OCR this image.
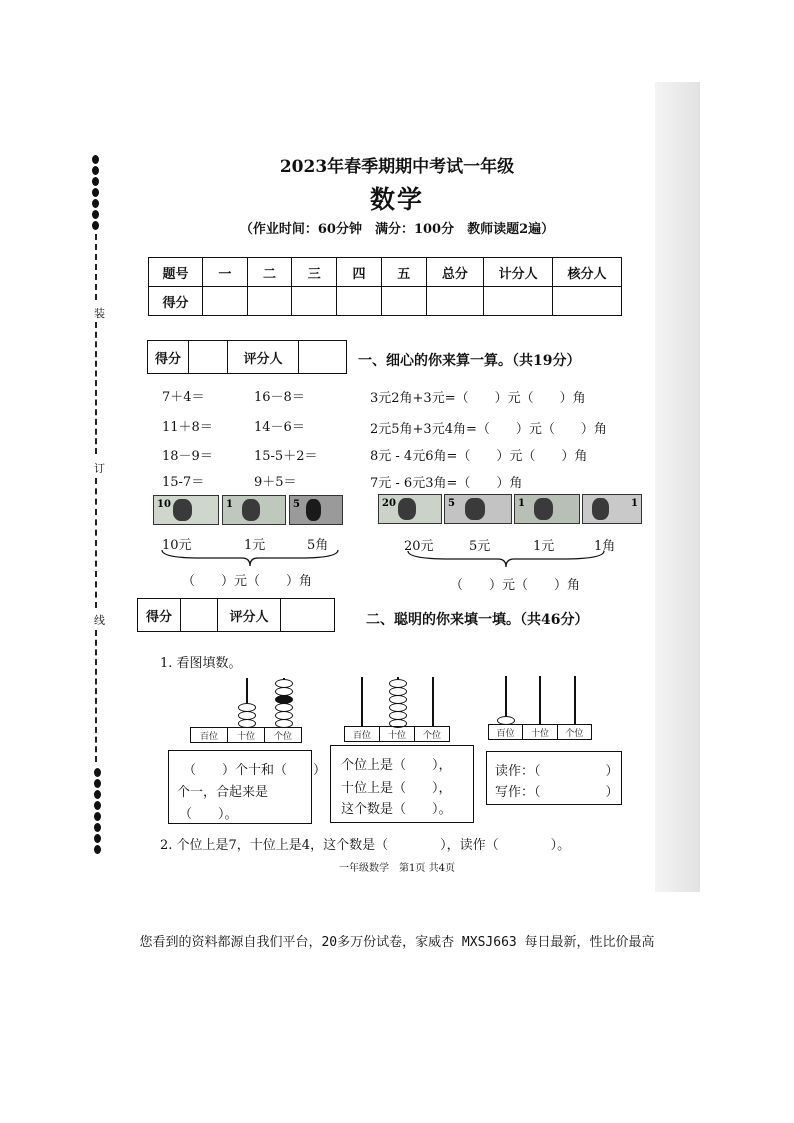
装
订
线
2023年春季期期中考试一年级
数学
（作业时间：60分钟　满分：100分　教师读题2遍）
题号	一	二	三	四	五	总分	计分人	核分人
得分								
得分	评分人	一、细心的你来算一算。（共19分）
7＋4＝	16－8＝
11＋8＝	14－6＝
18－9＝	15-5＋2＝
15-7＝	9＋5＝
3元2角+3元=（　　）元（　　）角
2元5角+3元4角=（　　）元（　　）角
8元 - 4元6角=（　　）元（　　）角
7元 - 6元3角=（　　）角
10	1	5
10元	1元	5角
（　　）元（　　）角
20	5	1	1
20元	5元	1元	1角
（　　）元（　　）角
得分	评分人	二、聪明的你来填一填。（共46分）
1. 看图填数。
百位	十位	个位	百位	十位	个位	百位	十位	个位
（　　）个十和（　　）
个一，合起来是
（　　）。
个位上是（　　），
十位上是（　　），
这个数是（　　）。
读作：（　　　　　）
写作：（　　　　　）
2. 个位上是7，十位上是4，这个数是（　　　　），读作（　　　　）。
一年级数学　第1页 共4页
您看到的资料都源自我们平台，20多万份试卷，家威杏 MXSJ663 每日最新，性比价最高
